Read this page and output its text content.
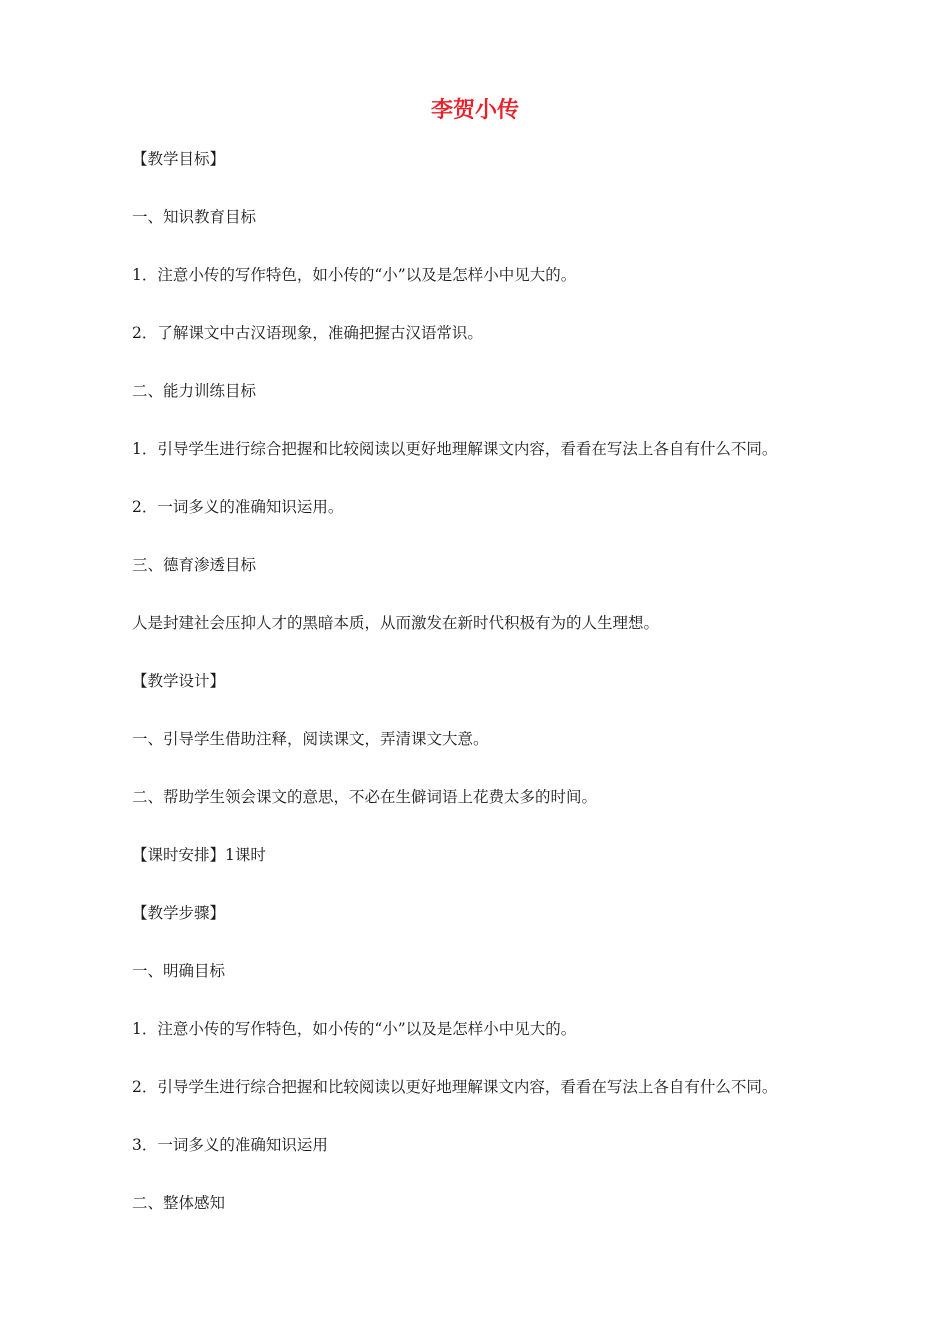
李贺小传

【教学目标】

一、知识教育目标

1．注意小传的写作特色，如小传的“小”以及是怎样小中见大的。

2．了解课文中古汉语现象，准确把握古汉语常识。

二、能力训练目标

1．引导学生进行综合把握和比较阅读以更好地理解课文内容，看看在写法上各自有什么不同。

2．一词多义的准确知识运用。

三、德育渗透目标

人是封建社会压抑人才的黑暗本质，从而激发在新时代积极有为的人生理想。

【教学设计】

一、引导学生借助注释，阅读课文，弄清课文大意。

二、帮助学生领会课文的意思，不必在生僻词语上花费太多的时间。

【课时安排】1课时

【教学步骤】

一、明确目标

1．注意小传的写作特色，如小传的“小”以及是怎样小中见大的。

2．引导学生进行综合把握和比较阅读以更好地理解课文内容，看看在写法上各自有什么不同。

3．一词多义的准确知识运用

二、整体感知
